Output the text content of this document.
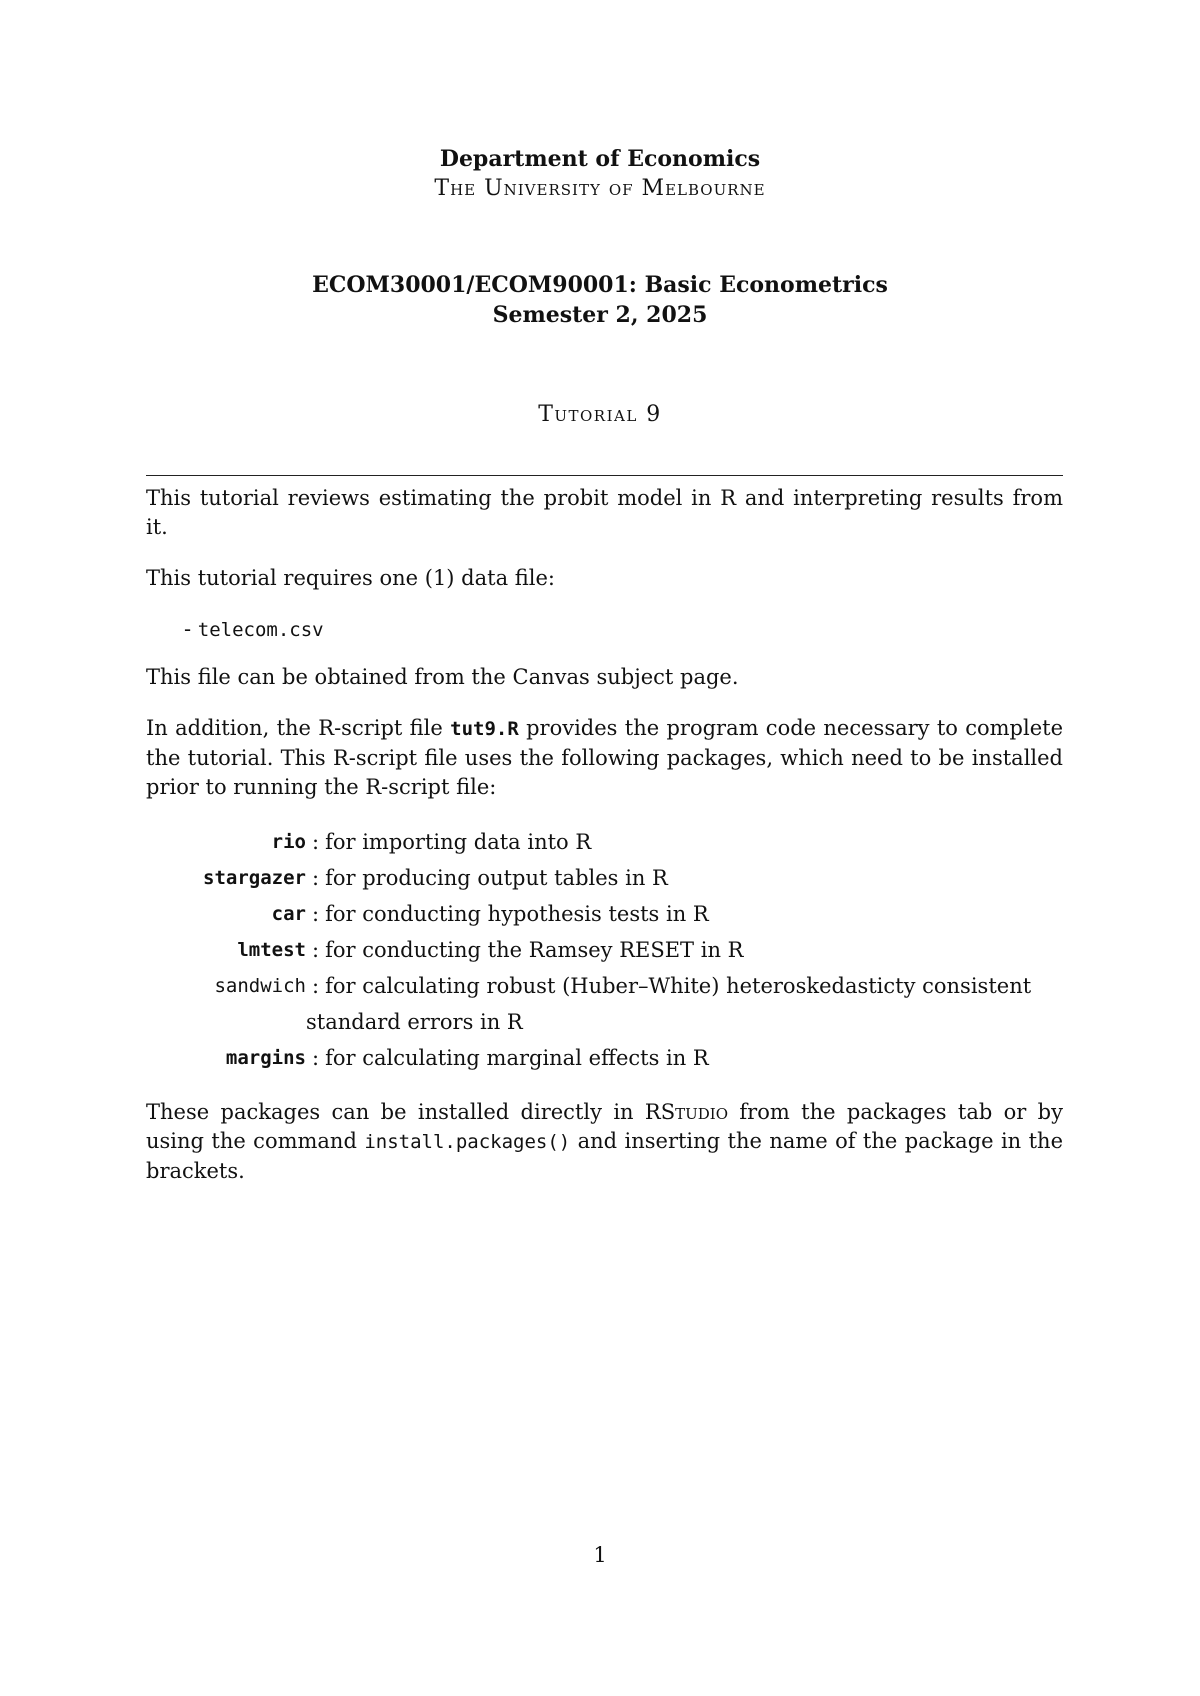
Department of Economics
The University of Melbourne
ECOM30001/ECOM90001: Basic Econometrics
Semester 2, 2025
Tutorial 9

This tutorial reviews estimating the probit model in R and interpreting results from it.

This tutorial requires one (1) data file:

- telecom.csv

This file can be obtained from the Canvas subject page.

In addition, the R-script file tut9.R provides the program code necessary to complete the tutorial. This R-script file uses the following packages, which need to be installed prior to running the R-script file:

rio : for importing data into R
stargazer : for producing output tables in R
car : for conducting hypothesis tests in R
lmtest : for conducting the Ramsey RESET in R
sandwich : for calculating robust (Huber–White) heteroskedasticty consistent
standard errors in R
margins : for calculating marginal effects in R

These packages can be installed directly in RStudio from the packages tab or by using the command install.packages() and inserting the name of the package in the brackets.

1
